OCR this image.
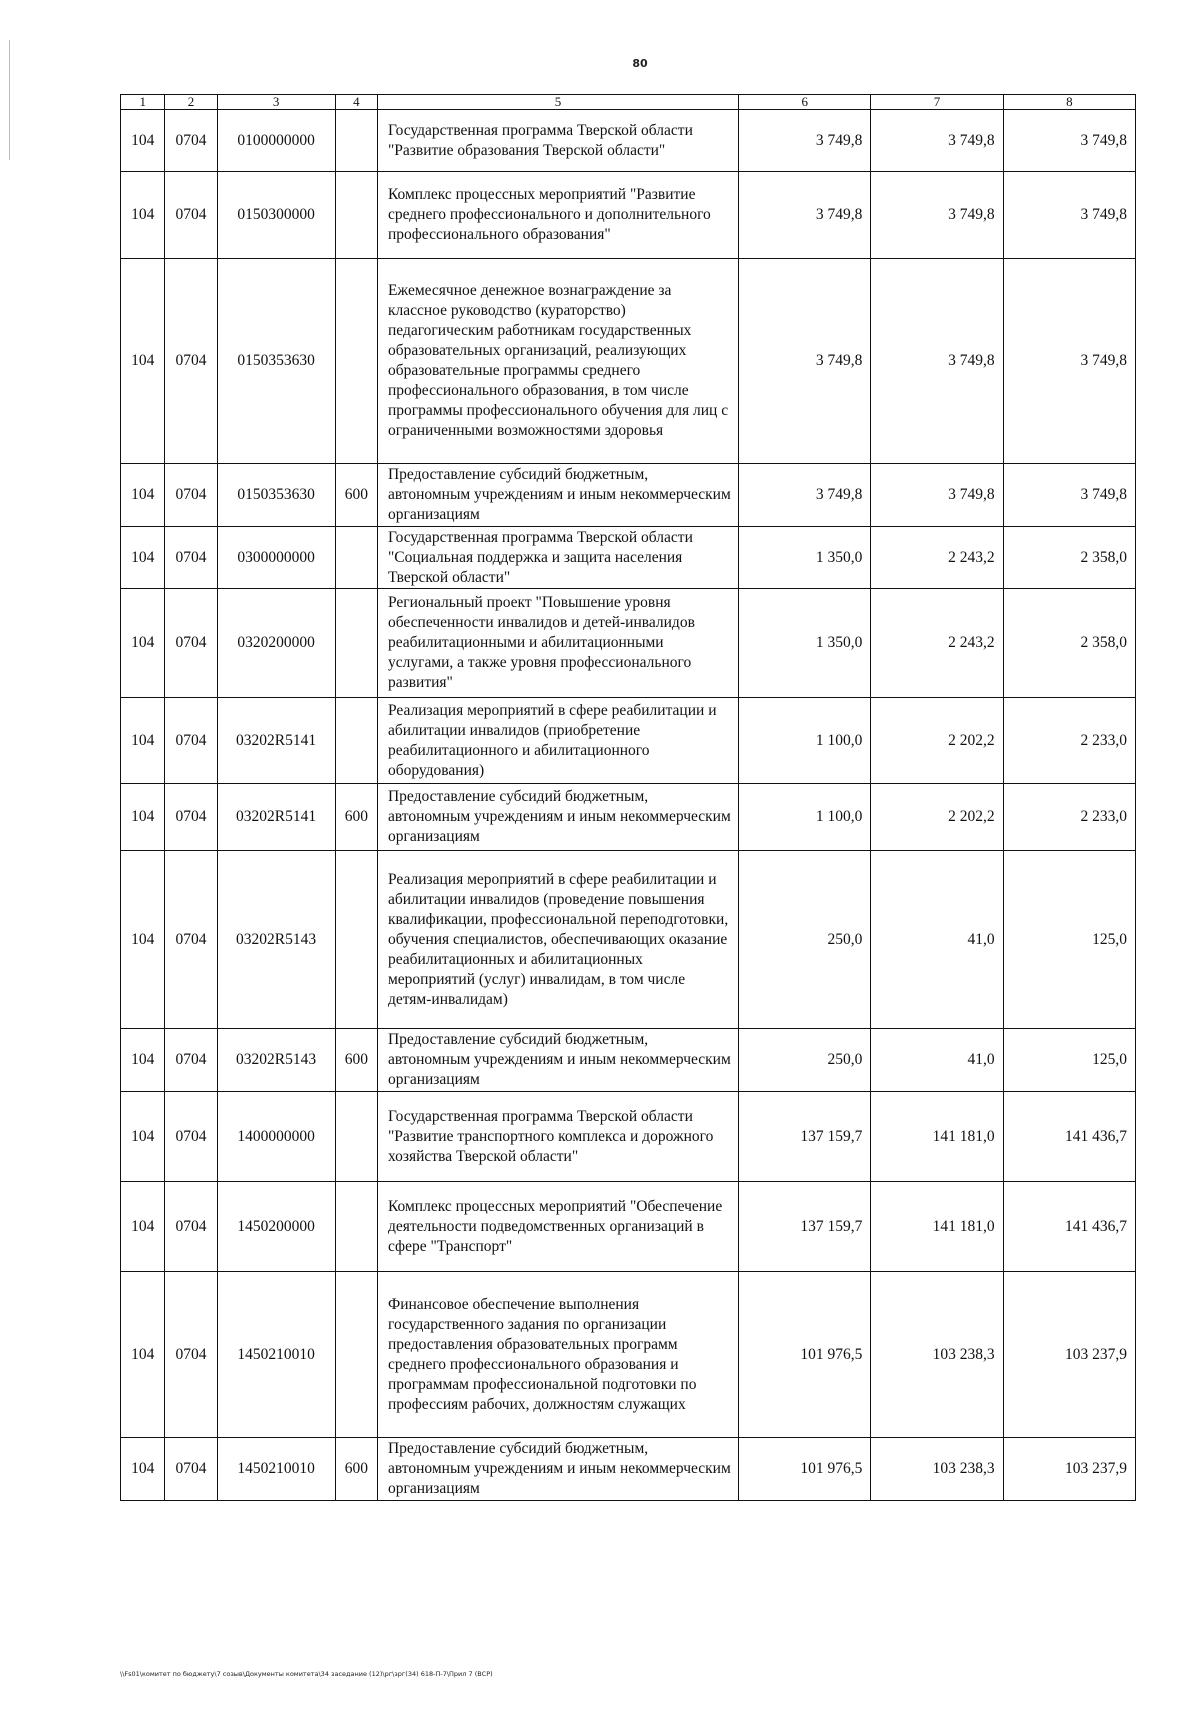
80
1	2	3	4	5	6	7	8
104	0704	0100000000		Государственная программа Тверской области "Развитие образования Тверской области"	3 749,8	3 749,8	3 749,8
104	0704	0150300000		Комплекс процессных мероприятий "Развитие среднего профессионального и дополнительного профессионального образования"	3 749,8	3 749,8	3 749,8
104	0704	0150353630		Ежемесячное денежное вознаграждение за классное руководство (кураторство) педагогическим работникам государственных образовательных организаций, реализующих образовательные программы среднего профессионального образования, в том числе программы профессионального обучения для лиц с ограниченными возможностями здоровья	3 749,8	3 749,8	3 749,8
104	0704	0150353630	600	Предоставление субсидий бюджетным, автономным учреждениям и иным некоммерческим организациям	3 749,8	3 749,8	3 749,8
104	0704	0300000000		Государственная программа Тверской области "Социальная поддержка и защита населения Тверской области"	1 350,0	2 243,2	2 358,0
104	0704	0320200000		Региональный проект "Повышение уровня обеспеченности инвалидов и детей-инвалидов реабилитационными и абилитационными услугами, а также уровня профессионального развития"	1 350,0	2 243,2	2 358,0
104	0704	03202R5141		Реализация мероприятий в сфере реабилитации и абилитации инвалидов (приобретение реабилитационного и абилитационного оборудования)	1 100,0	2 202,2	2 233,0
104	0704	03202R5141	600	Предоставление субсидий бюджетным, автономным учреждениям и иным некоммерческим организациям	1 100,0	2 202,2	2 233,0
104	0704	03202R5143		Реализация мероприятий в сфере реабилитации и абилитации инвалидов (проведение повышения квалификации, профессиональной переподготовки, обучения специалистов, обеспечивающих оказание реабилитационных и абилитационных мероприятий (услуг) инвалидам, в том числе детям-инвалидам)	250,0	41,0	125,0
104	0704	03202R5143	600	Предоставление субсидий бюджетным, автономным учреждениям и иным некоммерческим организациям	250,0	41,0	125,0
104	0704	1400000000		Государственная программа Тверской области "Развитие транспортного комплекса и дорожного хозяйства Тверской области"	137 159,7	141 181,0	141 436,7
104	0704	1450200000		Комплекс процессных мероприятий "Обеспечение деятельности подведомственных организаций в сфере "Транспорт"	137 159,7	141 181,0	141 436,7
104	0704	1450210010		Финансовое обеспечение выполнения государственного задания по организации предоставления образовательных программ среднего профессионального образования и программам профессиональной подготовки по профессиям рабочих, должностям служащих	101 976,5	103 238,3	103 237,9
104	0704	1450210010	600	Предоставление субсидий бюджетным, автономным учреждениям и иным некоммерческим организациям	101 976,5	103 238,3	103 237,9
\\Fs01\комитет по бюджету\7 созыв\Документы комитета\34 заседание (12)\рг\зрг(34) 618-П-7\Прил 7 (ВСР)
